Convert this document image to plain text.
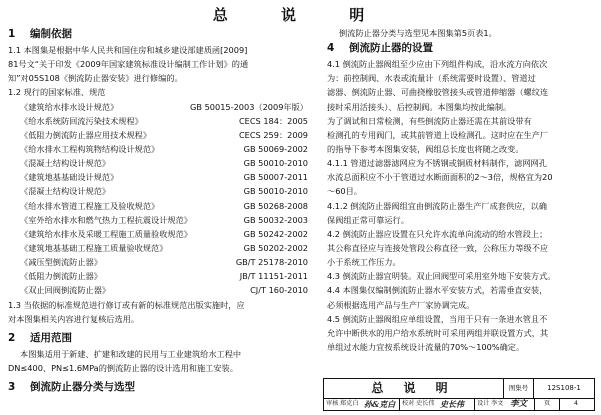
总 说 明
1 编制依据
1.1 本图集是根据中华人民共和国住房和城乡建设部建质函[2009]
81号文“关于印发《2009年国家建筑标准设计编制工作计划》的通
知”对05S108《倒流防止器安装》进行修编的。
1.2 现行的国家标准、规范
《建筑给水排水设计规范》	GB 50015-2003（2009年版）
《给水系统防回流污染技术规程》	CECS 184：2005
《低阻力倒流防止器应用技术规程》	CECS 259：2009
《给水排水工程构筑物结构设计规范》	GB 50069-2002
《混凝土结构设计规范》	GB 50010-2010
《建筑地基基础设计规范》	GB 50007-2011
《混凝土结构设计规范》	GB 50010-2010
《给水排水管道工程施工及验收规范》	GB 50268-2008
《室外给水排水和燃气热力工程抗震设计规范》	GB 50032-2003
《建筑给水排水及采暖工程施工质量验收规范》	GB 50242-2002
《建筑地基基础工程施工质量验收规范》	GB 50202-2002
《减压型倒流防止器》	GB/T 25178-2010
《低阻力倒流防止器》	JB/T 11151-2011
《双止回阀倒流防止器》	CJ/T 160-2010
1.3 当依据的标准规范进行修订或有新的标准规范出版实施时，应
对本图集相关内容进行复核后选用。
2 适用范围
本图集适用于新建、扩建和改建的民用与工业建筑给水工程中
DN≤400、PN≤1.6MPa的倒流防止器的设计选用和施工安装。
3 倒流防止器分类与选型
倒流防止器分类与选型见本图集第5页表1。
4 倒流防止器的设置
4.1 倒流防止器阀组至少应由下列组件构成，沿水流方向依次
为：前控制阀、水表或流量计（系统需要时设置）、管道过
滤器、倒流防止器、可曲挠橡胶管接头或管道伸缩器（螺纹连
接时采用活接头）、后控制阀。本图集均按此编制。
为了调试和日常检测，有些倒流防止器还需在其前设带有
检测孔的专用阀门，或其前管道上设检测孔。这时应在生产厂
的指导下参考本图集安装，阀组总长度也将随之改变。
4.1.1 管道过滤器滤网应为不锈钢或铜质材料制作，滤网网孔
水流总面积应不小于管道过水断面面积的2～3倍，规格宜为20
～60目。
4.1.2 倒流防止器阀组宜由倒流防止器生产厂成套供应，以确
保阀组正常可靠运行。
4.2 倒流防止器应设置在只允许水流单向流动的给水管段上；
其公称直径应与连接处管段公称直径一致，公称压力等级不应
小于系统工作压力。
4.3 倒流防止器宜明装。双止回阀型可采用室外地下安装方式。
4.4 本图集仅编制倒流防止器水平安装方式，若需垂直安装，
必须根据选用产品与生产厂家协调完成。
4.5 倒流防止器阀组应单组设置，当用于只有一条进水管且不
允许中断供水的用户给水系统时可采用两组并联设置方式，其
单组过水能力宜按系统设计流量的70%～100%确定。
总 说 明	图集号	12S108-1
审核 郑克白 孙&克白 校对 史长伟 史长伟 设计 李文 李文	页	4
